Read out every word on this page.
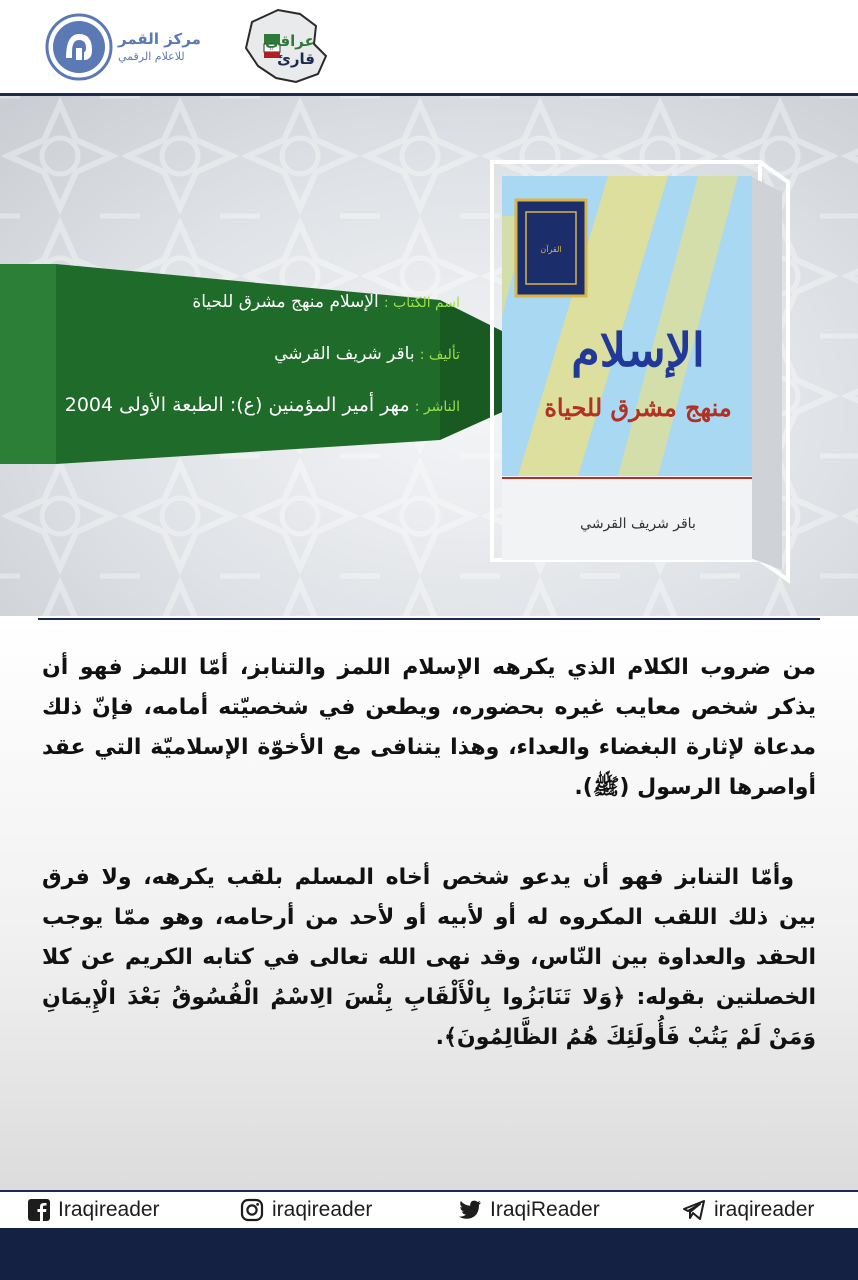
مركز القمر
للاعلام الرقمي
عراقي
قارئ
اسم الكتاب : الإسلام منهج مشرق للحياة
تأليف : باقر شريف القرشي
الناشر : مهر أمير المؤمنين (ع): الطبعة الأولى 2004
القرآن
الإسلام
منهج مشرق للحياة
باقر شريف القرشي
من ضروب الكلام الذي يكرهه الإسلام اللمز والتنابز، أمّا اللمز فهو أن يذكر شخص معايب غيره بحضوره، ويطعن في شخصيّته أمامه، فإنّ ذلك مدعاة لإثارة البغضاء والعداء، وهذا يتنافى مع الأخوّة الإسلاميّة التي عقد أواصرها الرسول (ﷺ).
وأمّا التنابز فهو أن يدعو شخص أخاه المسلم بلقب يكرهه، ولا فرق بين ذلك اللقب المكروه له أو لأبيه أو لأحد من أرحامه، وهو ممّا يوجب الحقد والعداوة بين النّاس، وقد نهى الله تعالى في كتابه الكريم عن كلا الخصلتين بقوله: ﴿وَلا تَنَابَزُوا بِالْأَلْقَابِ بِئْسَ الِاسْمُ الْفُسُوقُ بَعْدَ الْإِيمَانِ وَمَنْ لَمْ يَتُبْ فَأُولَئِكَ هُمُ الظَّالِمُونَ﴾.
Iraqireader	iraqireader	IraqiReader	iraqireader
